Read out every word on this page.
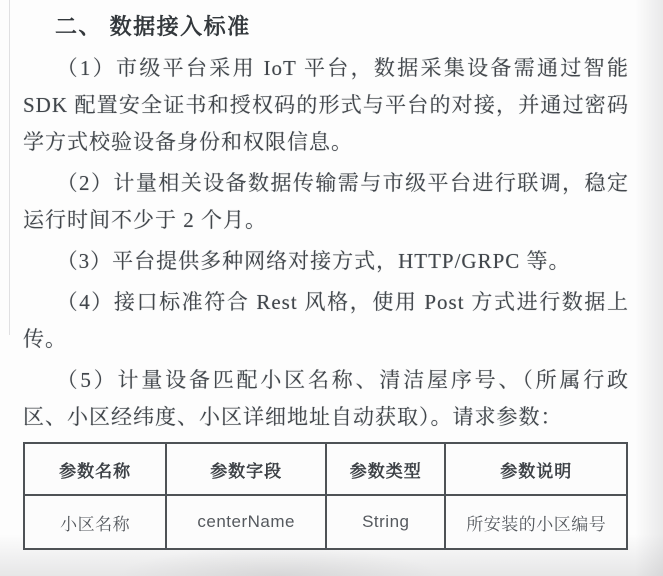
二、 数据接入标准

（1）市级平台采用 IoT 平台，数据采集设备需通过智能 SDK 配置安全证书和授权码的形式与平台的对接，并通过密码学方式校验设备身份和权限信息。

（2）计量相关设备数据传输需与市级平台进行联调，稳定运行时间不少于 2 个月。

（3）平台提供多种网络对接方式，HTTP/GRPC 等。

（4）接口标准符合 Rest 风格，使用 Post 方式进行数据上传。

（5）计量设备匹配小区名称、清洁屋序号、（所属行政区、小区经纬度、小区详细地址自动获取）。请求参数：

参数名称	参数字段	参数类型	参数说明
小区名称	centerName	String	所安装的小区编号
